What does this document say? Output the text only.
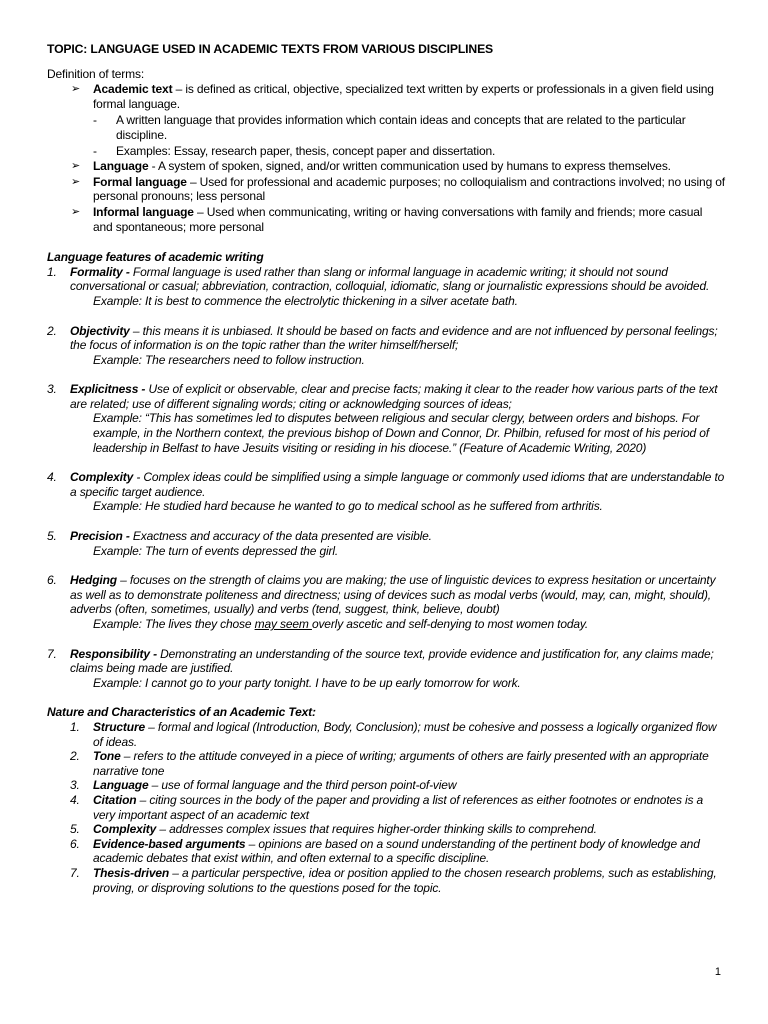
TOPIC: LANGUAGE USED IN ACADEMIC TEXTS FROM VARIOUS DISCIPLINES
Definition of terms:
➢ Academic text – is defined as critical, objective, specialized text written by experts or professionals in a given field using formal language.
- A written language that provides information which contain ideas and concepts that are related to the particular discipline.
- Examples: Essay, research paper, thesis, concept paper and dissertation.
➢ Language - A system of spoken, signed, and/or written communication used by humans to express themselves.
➢ Formal language – Used for professional and academic purposes; no colloquialism and contractions involved; no using of personal pronouns; less personal
➢ Informal language – Used when communicating, writing or having conversations with family and friends; more casual and spontaneous; more personal
Language features of academic writing
1. Formality - Formal language is used rather than slang or informal language in academic writing; it should not sound conversational or casual; abbreviation, contraction, colloquial, idiomatic, slang or journalistic expressions should be avoided.
Example: It is best to commence the electrolytic thickening in a silver acetate bath.
2. Objectivity – this means it is unbiased. It should be based on facts and evidence and are not influenced by personal feelings; the focus of information is on the topic rather than the writer himself/herself;
Example: The researchers need to follow instruction.
3. Explicitness - Use of explicit or observable, clear and precise facts; making it clear to the reader how various parts of the text are related; use of different signaling words; citing or acknowledging sources of ideas;
Example: “This has sometimes led to disputes between religious and secular clergy, between orders and bishops. For example, in the Northern context, the previous bishop of Down and Connor, Dr. Philbin, refused for most of his period of leadership in Belfast to have Jesuits visiting or residing in his diocese.” (Feature of Academic Writing, 2020)
4. Complexity - Complex ideas could be simplified using a simple language or commonly used idioms that are understandable to a specific target audience.
Example: He studied hard because he wanted to go to medical school as he suffered from arthritis.
5. Precision - Exactness and accuracy of the data presented are visible.
Example: The turn of events depressed the girl.
6. Hedging – focuses on the strength of claims you are making; the use of linguistic devices to express hesitation or uncertainty as well as to demonstrate politeness and directness; using of devices such as modal verbs (would, may, can, might, should), adverbs (often, sometimes, usually) and verbs (tend, suggest, think, believe, doubt)
Example: The lives they chose may seem overly ascetic and self-denying to most women today.
7. Responsibility - Demonstrating an understanding of the source text, provide evidence and justification for, any claims made; claims being made are justified.
Example: I cannot go to your party tonight. I have to be up early tomorrow for work.
Nature and Characteristics of an Academic Text:
1. Structure – formal and logical (Introduction, Body, Conclusion); must be cohesive and possess a logically organized flow of ideas.
2. Tone – refers to the attitude conveyed in a piece of writing; arguments of others are fairly presented with an appropriate narrative tone
3. Language – use of formal language and the third person point-of-view
4. Citation – citing sources in the body of the paper and providing a list of references as either footnotes or endnotes is a very important aspect of an academic text
5. Complexity – addresses complex issues that requires higher-order thinking skills to comprehend.
6. Evidence-based arguments – opinions are based on a sound understanding of the pertinent body of knowledge and academic debates that exist within, and often external to a specific discipline.
7. Thesis-driven – a particular perspective, idea or position applied to the chosen research problems, such as establishing, proving, or disproving solutions to the questions posed for the topic.
1
